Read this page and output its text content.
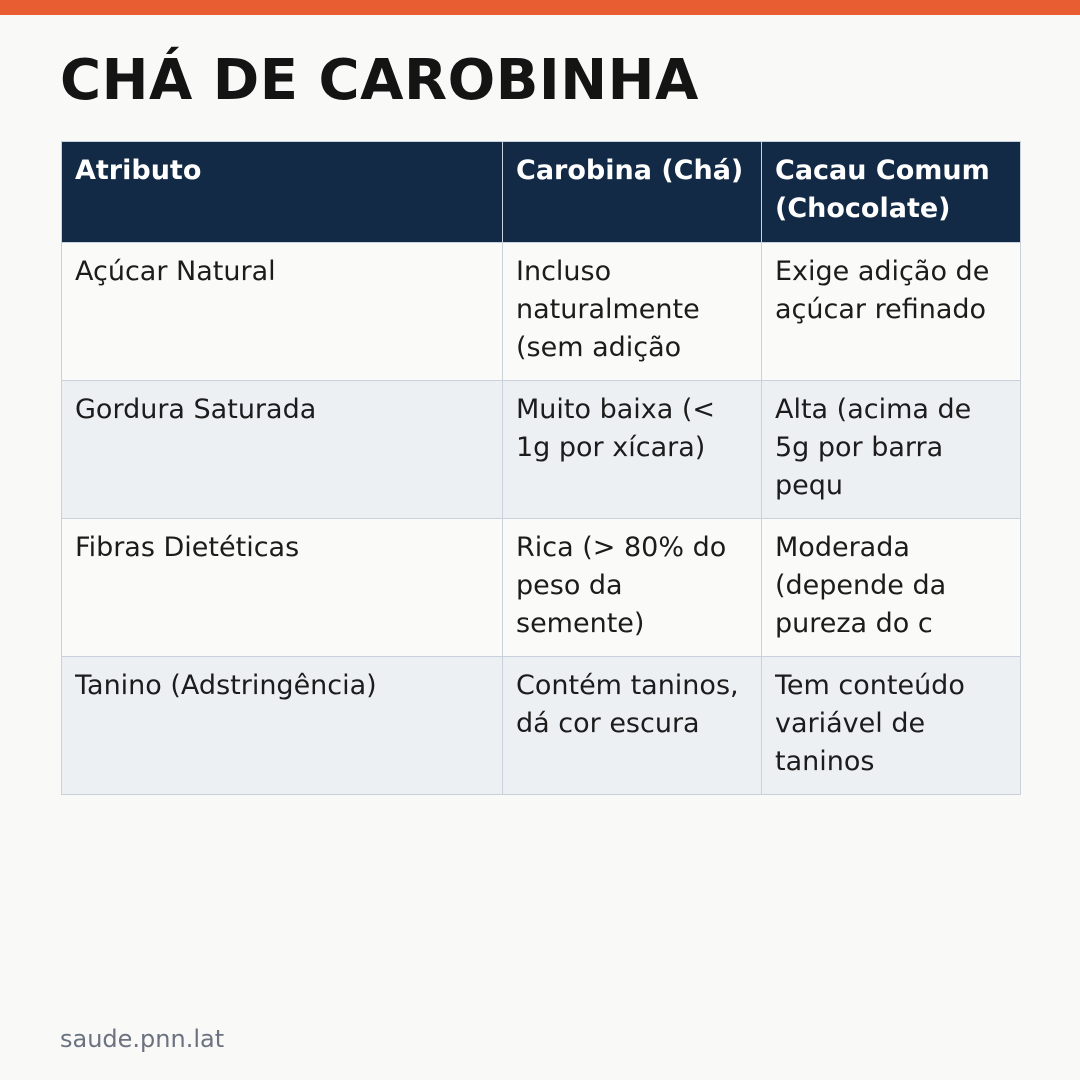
CHÁ DE CAROBINHA
Atributo	Carobina (Chá)	Cacau Comum (Chocolate)

Açúcar Natural	Incluso naturalmente (sem adição	Exige adição de açúcar refinado

Gordura Saturada	Muito baixa (< 1g por xícara)	Alta (acima de 5g por barra pequ

Fibras Dietéticas	Rica (> 80% do peso da semente)	Moderada (depende da pureza do c

Tanino (Adstringência)	Contém taninos, dá cor escura	Tem conteúdo variável de taninos
saude.pnn.lat
